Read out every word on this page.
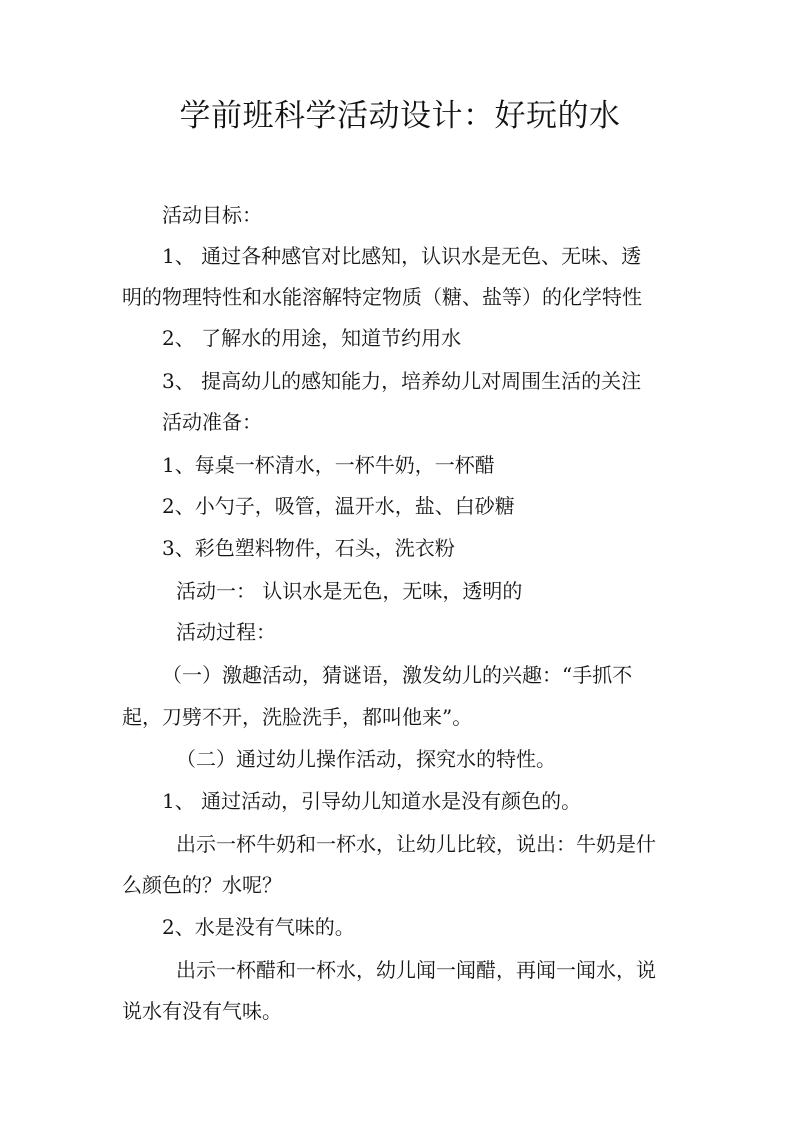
学前班科学活动设计：好玩的水
活动目标：
1、 通过各种感官对比感知，认识水是无色、无味、透
明的物理特性和水能溶解特定物质（糖、盐等）的化学特性
2、 了解水的用途，知道节约用水
3、 提高幼儿的感知能力，培养幼儿对周围生活的关注
活动准备：
1、每桌一杯清水，一杯牛奶，一杯醋
2、小勺子，吸管，温开水，盐、白砂糖
3、彩色塑料物件，石头，洗衣粉
活动一： 认识水是无色，无味，透明的
活动过程：
（一）激趣活动，猜谜语，激发幼儿的兴趣：“手抓不
起，刀劈不开，洗脸洗手，都叫他来”。
（二）通过幼儿操作活动，探究水的特性。
1、 通过活动，引导幼儿知道水是没有颜色的。
出示一杯牛奶和一杯水，让幼儿比较，说出：牛奶是什
么颜色的？水呢？
2、水是没有气味的。
出示一杯醋和一杯水，幼儿闻一闻醋，再闻一闻水，说
说水有没有气味。
